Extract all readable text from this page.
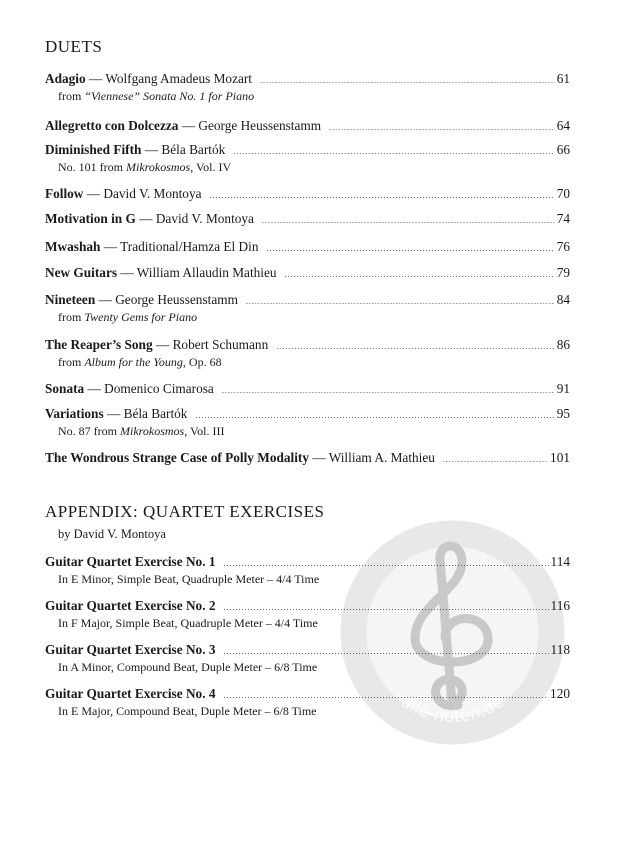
alle-noten.de
DUETS
Adagio — Wolfgang Amadeus Mozart .....	61
from “Viennese” Sonata No. 1 for Piano
Allegretto con Dolcezza — George Heussenstamm .....	64
Diminished Fifth — Béla Bartók .....	66
No. 101 from Mikrokosmos, Vol. IV
Follow — David V. Montoya .....	70
Motivation in G — David V. Montoya .....	74
Mwashah — Traditional/Hamza El Din .....	76
New Guitars — William Allaudin Mathieu .....	79
Nineteen — George Heussenstamm .....	84
from Twenty Gems for Piano
The Reaper’s Song — Robert Schumann .....	86
from Album for the Young, Op. 68
Sonata — Domenico Cimarosa .....	91
Variations — Béla Bartók .....	95
No. 87 from Mikrokosmos, Vol. III
The Wondrous Strange Case of Polly Modality — William A. Mathieu .....	101
APPENDIX: QUARTET EXERCISES
by David V. Montoya
Guitar Quartet Exercise No. 1 .....	114
In E Minor, Simple Beat, Quadruple Meter – 4/4 Time
Guitar Quartet Exercise No. 2 .....	116
In F Major, Simple Beat, Quadruple Meter – 4/4 Time
Guitar Quartet Exercise No. 3 .....	118
In A Minor, Compound Beat, Duple Meter – 6/8 Time
Guitar Quartet Exercise No. 4 .....	120
In E Major, Compound Beat, Duple Meter – 6/8 Time
